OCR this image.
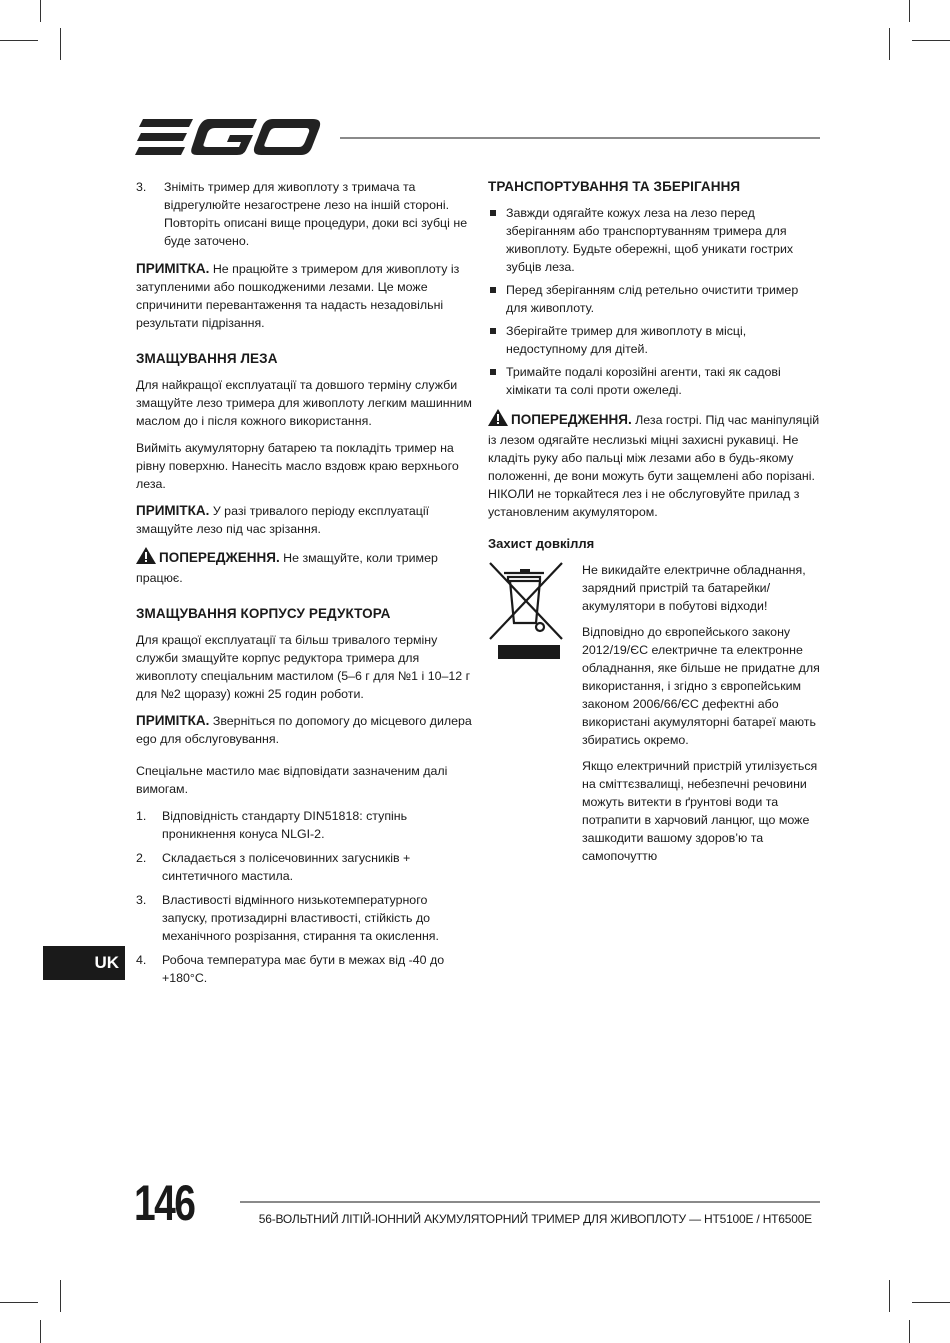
3.	Зніміть тример для живоплоту з тримача та відрегулюйте незагострене лезо на іншій стороні. Повторіть описані вище процедури, доки всі зубці не буде заточено.

ПРИМІТКА. Не працюйте з тримером для живоплоту із затупленими або пошкодженими лезами. Це може спричинити перевантаження та надасть незадовільні результати підрізання.

ЗМАЩУВАННЯ ЛЕЗА

Для найкращої експлуатації та довшого терміну служби змащуйте лезо тримера для живоплоту легким машинним маслом до і після кожного використання.

Вийміть акумуляторну батарею та покладіть тример на рівну поверхню. Нанесіть масло вздовж краю верхнього леза.

ПРИМІТКА. У разі тривалого періоду експлуатації змащуйте лезо під час зрізання.

ПОПЕРЕДЖЕННЯ. Не змащуйте, коли тример працює.

ЗМАЩУВАННЯ КОРПУСУ РЕДУКТОРА

Для кращої експлуатації та більш тривалого терміну служби змащуйте корпус редуктора тримера для живоплоту спеціальним мастилом (5–6 г для №1 і 10–12 г для №2 щоразу) кожні 25 годин роботи.

ПРИМІТКА. Зверніться по допомогу до місцевого дилера ego для обслуговування.

Спеціальне мастило має відповідати зазначеним далі вимогам.

1.	Відповідність стандарту DIN51818: ступінь проникнення конуса NLGI-2.
2.	Складається з полісечовинних загусників + синтетичного мастила.
3.	Властивості відмінного низькотемпературного запуску, протизадирні властивості, стійкість до механічного розрізання, стирання та окислення.
4.	Робоча температура має бути в межах від -40 до +180°C.
ТРАНСПОРТУВАННЯ ТА ЗБЕРІГАННЯ
Завжди одягайте кожух леза на лезо перед зберіганням або транспортуванням тримера для живоплоту. Будьте обережні, щоб уникати гострих зубців леза.
Перед зберіганням слід ретельно очистити тример для живоплоту.
Зберігайте тример для живоплоту в місці, недоступному для дітей.
Тримайте подалі корозійні агенти, такі як садові хімікати та солі проти ожеледі.

ПОПЕРЕДЖЕННЯ. Леза гострі. Під час маніпуляцій із лезом одягайте неслизькі міцні захисні рукавиці. Не кладіть руку або пальці між лезами або в будь-якому положенні, де вони можуть бути защемлені або порізані. НІКОЛИ не торкайтеся лез і не обслуговуйте прилад з установленим акумулятором.

Захист довкілля

Не викидайте електричне обладнання, зарядний пристрій та батарейки/акумулятори в побутові відходи!

Відповідно до європейського закону 2012/19/ЄС електричне та електронне обладнання, яке більше не придатне для використання, і згідно з європейським законом 2006/66/ЄС дефектні або використані акумуляторні батареї мають збиратись окремо.

Якщо електричний пристрій утилізується на сміттєзвалищі, небезпечні речовини можуть витекти в ґрунтові води та потрапити в харчовий ланцюг, що може зашкодити вашому здоров’ю та самопочуттю

UK
146	56-ВОЛЬТНИЙ ЛІТІЙ-ІОННИЙ АКУМУЛЯТОРНИЙ ТРИМЕР ДЛЯ ЖИВОПЛОТУ — HT5100E / HT6500E
